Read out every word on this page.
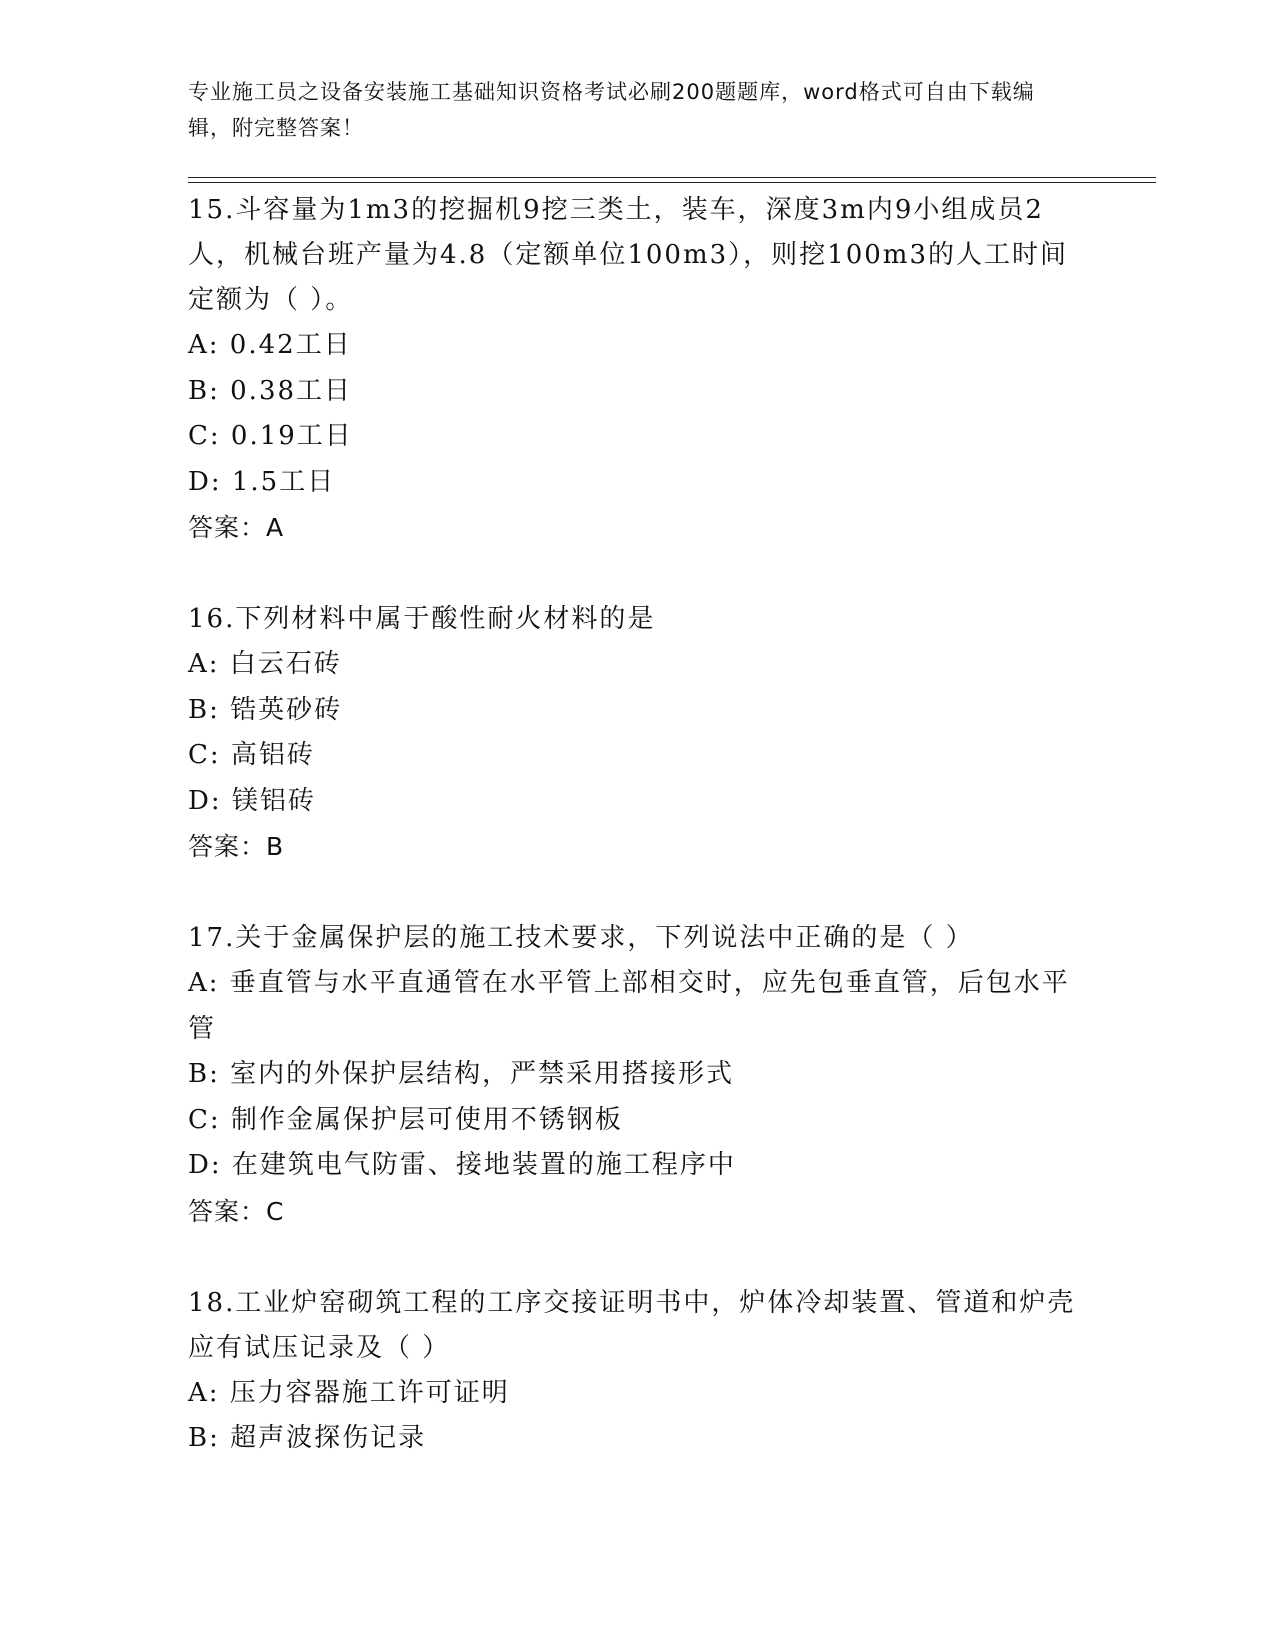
专业施工员之设备安装施工基础知识资格考试必刷200题题库，word格式可自由下载编辑，附完整答案！

15.斗容量为1m3的挖掘机9挖三类土，装车，深度3m内9小组成员2人，机械台班产量为4.8（定额单位100m3），则挖100m3的人工时间定额为（ ）。

A: 0.42工日

B: 0.38工日

C: 0.19工日

D: 1.5工日

答案：A

16.下列材料中属于酸性耐火材料的是

A: 白云石砖

B: 锆英砂砖

C: 高铝砖

D: 镁铝砖

答案：B

17.关于金属保护层的施工技术要求，下列说法中正确的是（ ）

A: 垂直管与水平直通管在水平管上部相交时，应先包垂直管，后包水平管

B: 室内的外保护层结构，严禁采用搭接形式

C: 制作金属保护层可使用不锈钢板

D: 在建筑电气防雷、接地装置的施工程序中

答案：C

18.工业炉窑砌筑工程的工序交接证明书中，炉体冷却装置、管道和炉壳应有试压记录及（ ）

A: 压力容器施工许可证明

B: 超声波探伤记录
